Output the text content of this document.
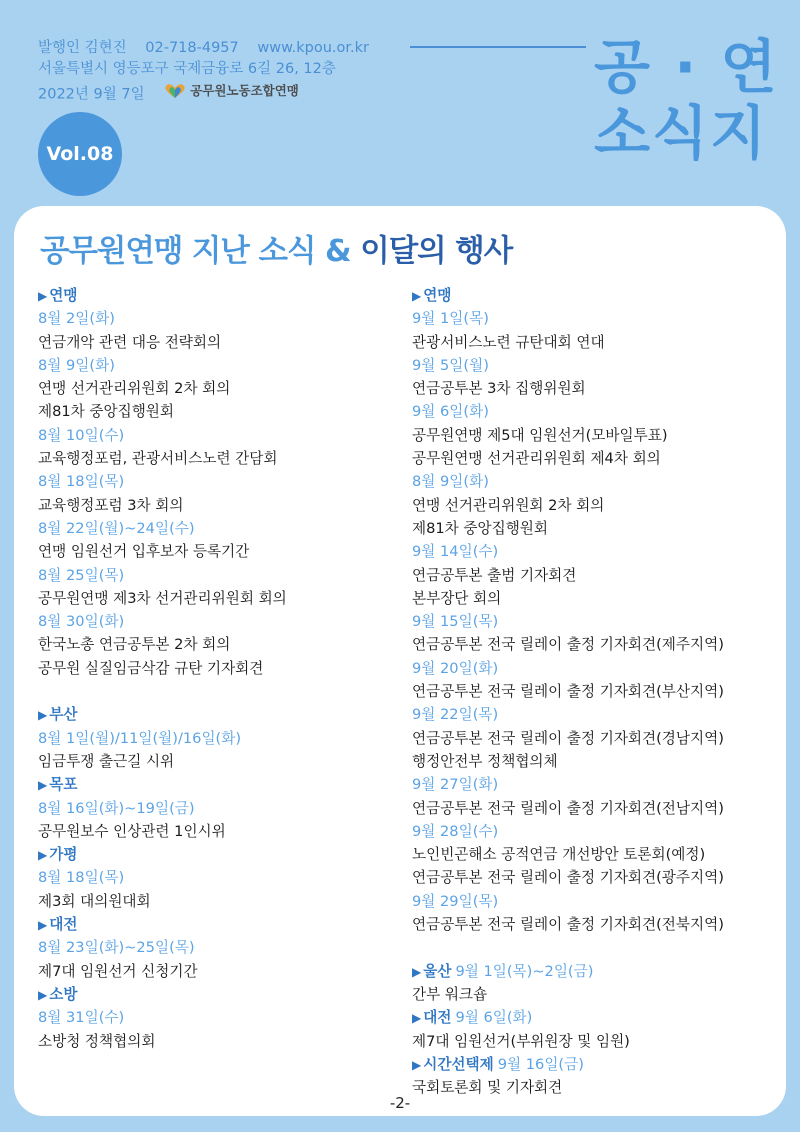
발행인 김현진 02-718-4957 www.kpou.or.kr
서울특별시 영등포구 국제금융로 6길 26, 12층
2022년 9월 7일	공무원노동조합연맹	공 · 연
소식지
Vol.08
공무원연맹 지난 소식 & 이달의 행사
▶ 연맹
8월 2일(화)
연금개악 관련 대응 전략회의
8월 9일(화)
연맹 선거관리위원회 2차 회의
제81차 중앙집행원회
8월 10일(수)
교육행정포럼, 관광서비스노련 간담회
8월 18일(목)
교육행정포럼 3차 회의
8월 22일(월)~24일(수)
연맹 임원선거 입후보자 등록기간
8월 25일(목)
공무원연맹 제3차 선거관리위원회 회의
8월 30일(화)
한국노총 연금공투본 2차 회의
공무원 실질임금삭감 규탄 기자회견
▶ 부산
8월 1일(월)/11일(월)/16일(화)
임금투쟁 출근길 시위
▶ 목포
8월 16일(화)~19일(금)
공무원보수 인상관련 1인시위
▶ 가평
8월 18일(목)
제3회 대의원대회
▶ 대전
8월 23일(화)~25일(목)
제7대 임원선거 신청기간
▶ 소방
8월 31일(수)
소방청 정책협의회
▶ 연맹
9월 1일(목)
관광서비스노련 규탄대회 연대
9월 5일(월)
연금공투본 3차 집행위원회
9월 6일(화)
공무원연맹 제5대 임원선거(모바일투표)
공무원연맹 선거관리위원회 제4차 회의
8월 9일(화)
연맹 선거관리위원회 2차 회의
제81차 중앙집행원회
9월 14일(수)
연금공투본 출범 기자회견
본부장단 회의
9월 15일(목)
연금공투본 전국 릴레이 출정 기자회견(제주지역)
9월 20일(화)
연금공투본 전국 릴레이 출정 기자회견(부산지역)
9월 22일(목)
연금공투본 전국 릴레이 출정 기자회견(경남지역)
행정안전부 정책협의체
9월 27일(화)
연금공투본 전국 릴레이 출정 기자회견(전남지역)
9월 28일(수)
노인빈곤해소 공적연금 개선방안 토론회(예정)
연금공투본 전국 릴레이 출정 기자회견(광주지역)
9월 29일(목)
연금공투본 전국 릴레이 출정 기자회견(전북지역)
▶ 울산 9월 1일(목)~2일(금)
간부 워크숍
▶ 대전 9월 6일(화)
제7대 임원선거(부위원장 및 임원)
▶ 시간선택제 9월 16일(금)
국회토론회 및 기자회견
-2-
